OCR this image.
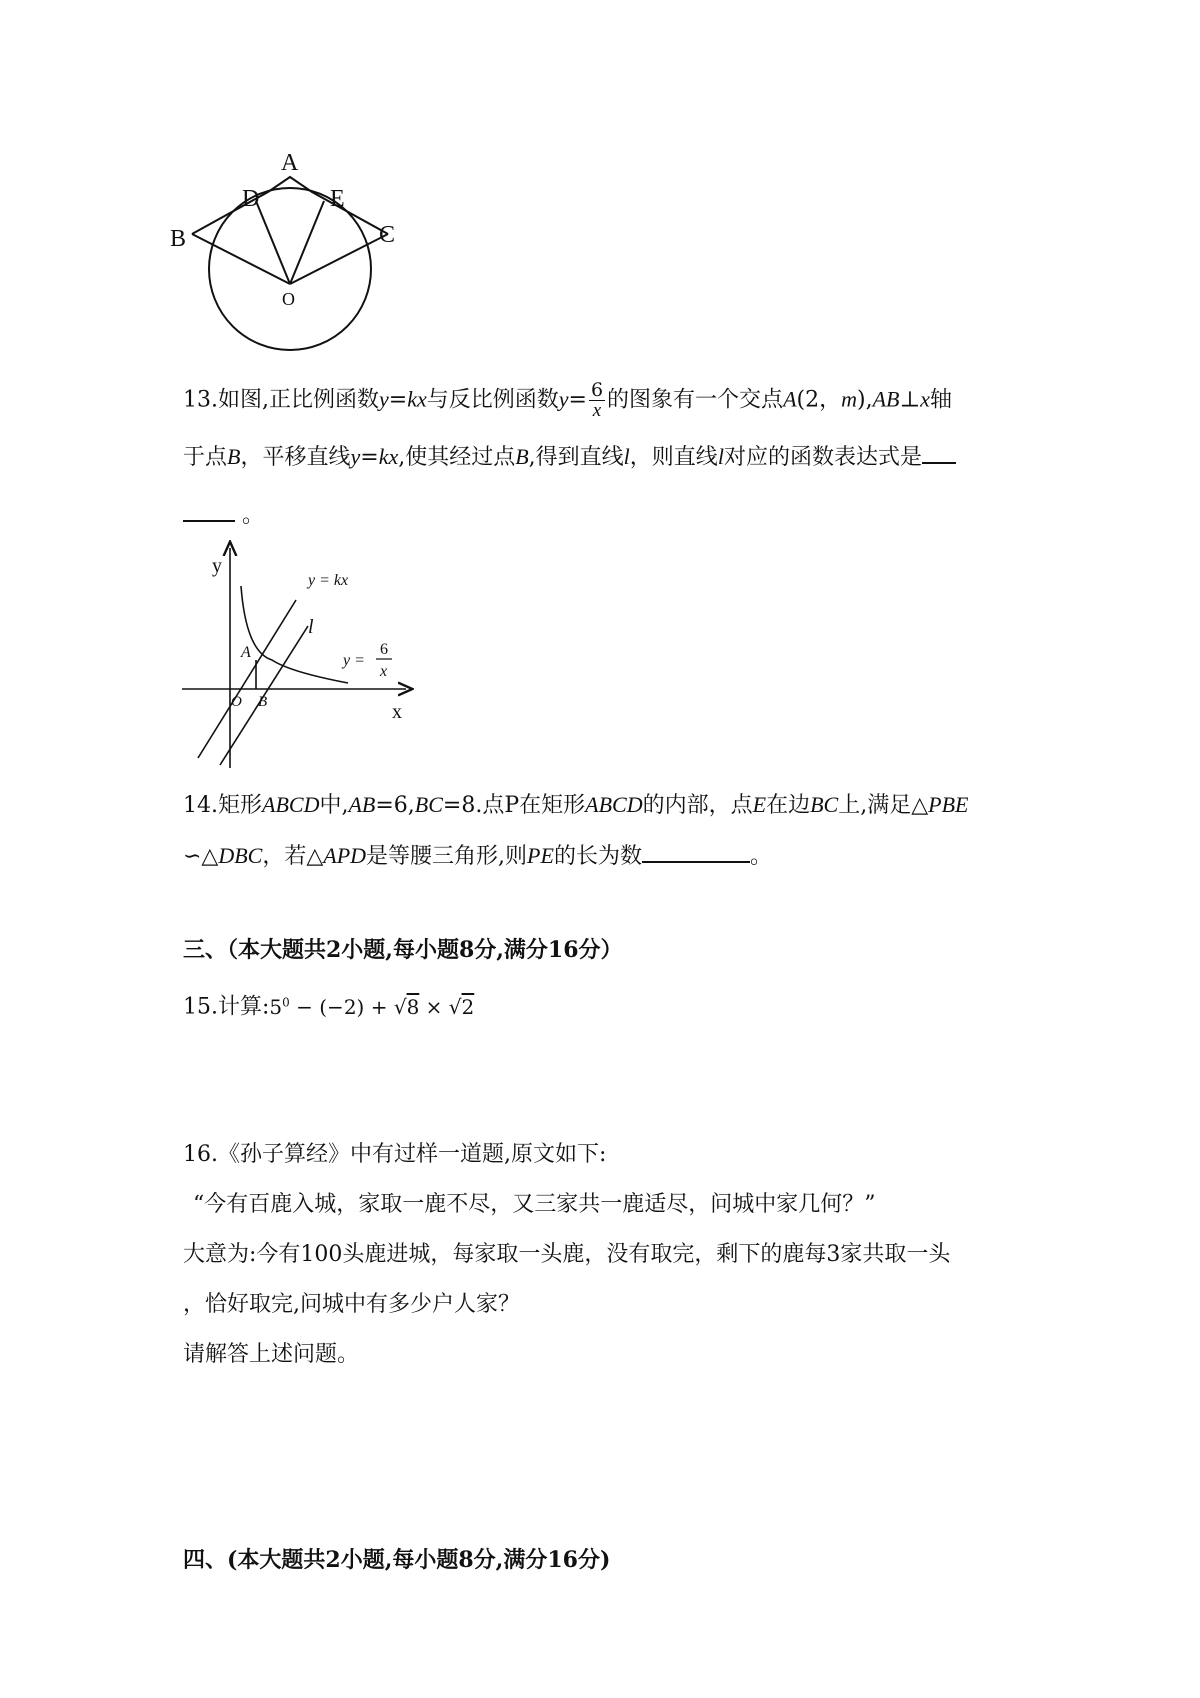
A
B	C
D	E
O
13.如图,正比例函数y=kx与反比例函数$y= \frac{6}{x}$ 的图象有一个交点A(2，m),AB⊥x轴
于点B，平移直线y=kx,使其经过点B,得到直线l，则直线l对应的函数表达式是
。
y
x
y = kx
l
y =
6
x
A
O B
14.矩形ABCD中,AB=6,BC=8.点P在矩形ABCD的内部，点E在边BC上,满足△PBE
∽△DBC，若△APD是等腰三角形,则PE的长为数	。
三、（本大题共2小题,每小题8分,满分16分）
15.计算$:5^0 - (-2) + √8 \times √2$
16.《孙子算经》中有过样一道题,原文如下:
“今有百鹿入城，家取一鹿不尽，又三家共一鹿适尽，问城中家几何？”
大意为:今有100头鹿进城，每家取一头鹿，没有取完，剩下的鹿每3家共取一头
，恰好取完,问城中有多少户人家？
请解答上述问题。
四、(本大题共2小题,每小题8分,满分16分)
